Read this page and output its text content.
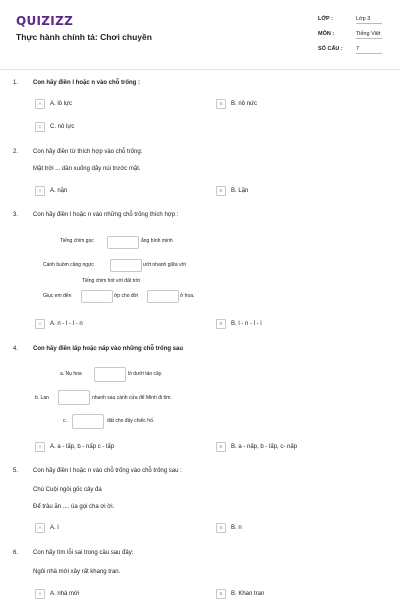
QUIZIZZ
Thực hành chính tả: Chơi chuyền
LỚP :	Lớp 3
MÔN :	Tiếng Việt
SỐ CÂU : 7
1. Con hãy điền l hoặc n vào chỗ trống :
A	A. lô lực	B	B. nô nức
C	C. nô lực
2. Con hãy điền từ thích hợp vào chỗ trống:
Mặt trời ... dần xuống dãy núi trước mặt.
A	A. nặn	B	B. Lặn
3. Con hãy điền l hoặc n vào những chỗ trống thích hợp :
Tiếng chim gọc	ắng bình minh
Cánh buồm căng ngực	ướt nhanh giữa vời
Tiếng chim hót với đất trời
Giục em đến	ớp cho đời	ở hoa.
A	A. n - l - l - n	B	B. l - n - l - l
4. Con hãy điền lấp hoặc nấp vào những chỗ trống sau
a. Nụ hoa	ló dưới tán cây.
b. Lan	nhanh sau cánh cửa để Minh đi tìm.
c.	đất cho đầy chiếc hố.
A	A. a - lấp, b - nấp c - lấp	B	B. a - nấp, b - lấp, c- nấp
5. Con hãy điền l hoặc n vào chỗ trống vào chỗ trống sau :
Chú Cuội ngồi gốc cây đa
Để trâu ăn .... úa gọi cha ơi ời.
A	A. l	B	B. n
6. Con hãy tìm lỗi sai trong câu sau đây:
Ngôi nhà mới xây rất khang tran.
A	A. nhà mới	B	B. Khan tran
